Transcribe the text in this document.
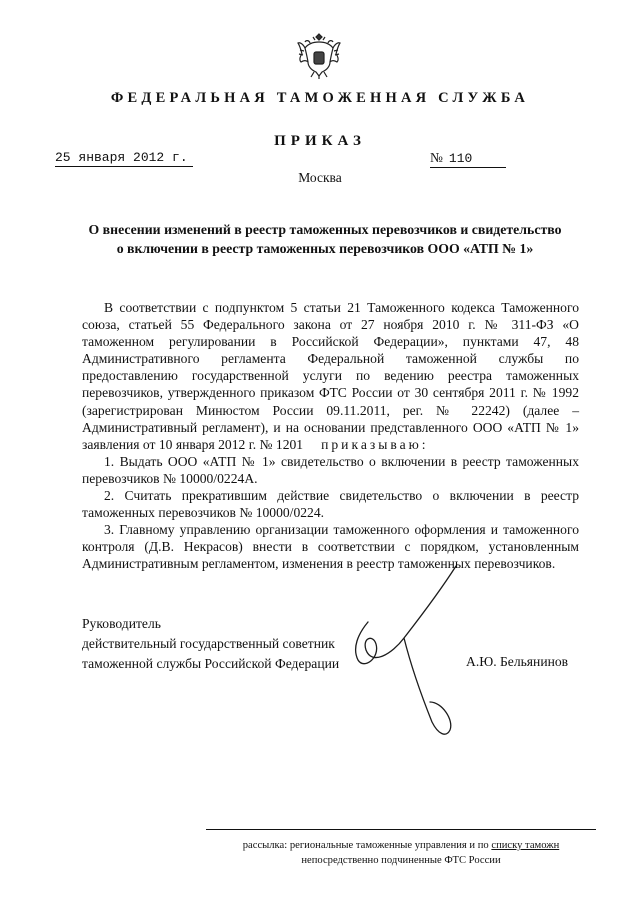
ФЕДЕРАЛЬНАЯ ТАМОЖЕННАЯ СЛУЖБА
ПРИКАЗ
25 января 2012 г.	№ 110
Москва
О внесении изменений в реестр таможенных перевозчиков и свидетельство
о включении в реестр таможенных перевозчиков ООО «АТП № 1»

В соответствии с подпунктом 5 статьи 21 Таможенного кодекса Таможенного союза, статьей 55 Федерального закона от 27 ноября 2010 г. № 311-ФЗ «О таможенном регулировании в Российской Федерации», пунктами 47, 48 Административного регламента Федеральной таможенной службы по предоставлению государственной услуги по ведению реестра таможенных перевозчиков, утвержденного приказом ФТС России от 30 сентября 2011 г. № 1992 (зарегистрирован Минюстом России 09.11.2011, рег. № 22242) (далее – Административный регламент), и на основании представленного ООО «АТП № 1» заявления от 10 января 2012 г. № 1201 приказываю:

1. Выдать ООО «АТП № 1» свидетельство о включении в реестр таможенных перевозчиков № 10000/0224А.

2. Считать прекратившим действие свидетельство о включении в реестр таможенных перевозчиков № 10000/0224.

3. Главному управлению организации таможенного оформления и таможенного контроля (Д.В. Некрасов) внести в соответствии с порядком, установленным Административным регламентом, изменения в реестр таможенных перевозчиков.

Руководитель
действительный государственный советник
таможенной службы Российской Федерации	А.Ю. Бельянинов
рассылка: региональные таможенные управления и по списку таможн
непосредственно подчиненные ФТС России
